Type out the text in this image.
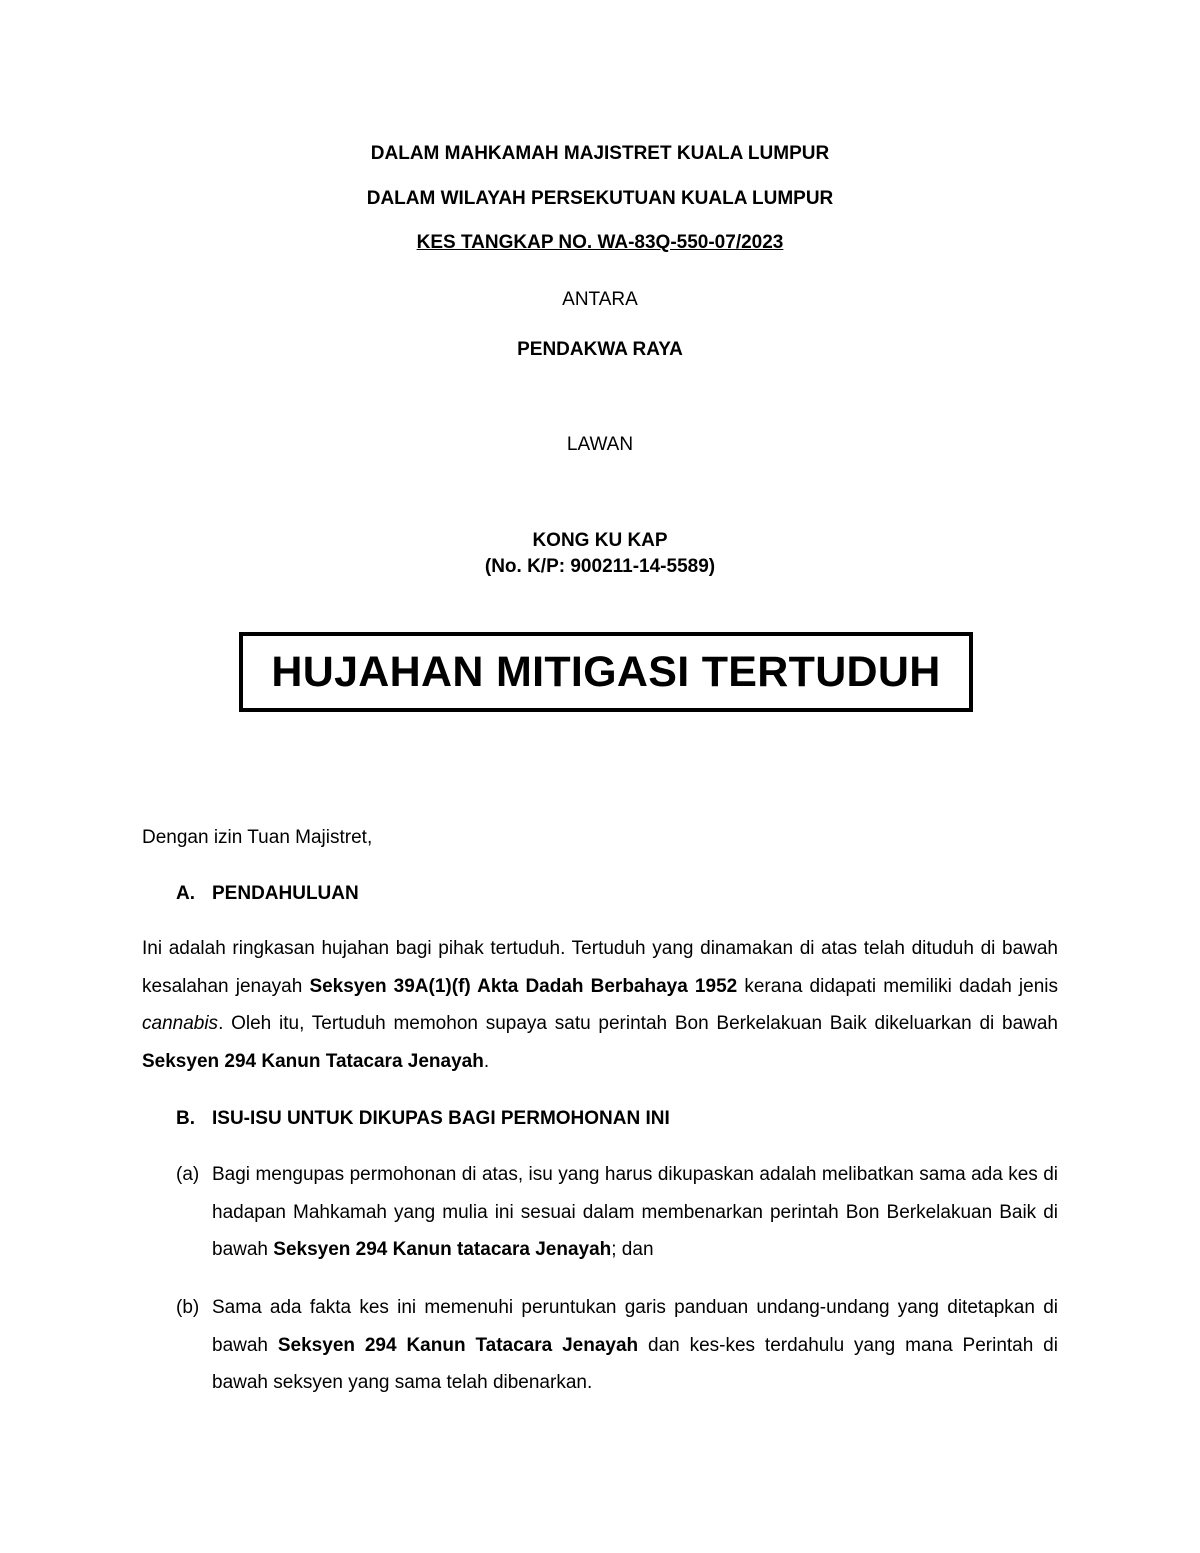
DALAM MAHKAMAH MAJISTRET KUALA LUMPUR
DALAM WILAYAH PERSEKUTUAN KUALA LUMPUR
KES TANGKAP NO. WA-83Q-550-07/2023
ANTARA
PENDAKWA RAYA
LAWAN
KONG KU KAP
(No. K/P: 900211-14-5589)
HUJAHAN MITIGASI TERTUDUH
Dengan izin Tuan Majistret,
A. PENDAHULUAN
Ini adalah ringkasan hujahan bagi pihak tertuduh. Tertuduh yang dinamakan di atas telah dituduh di bawah kesalahan jenayah Seksyen 39A(1)(f) Akta Dadah Berbahaya 1952 kerana didapati memiliki dadah jenis cannabis. Oleh itu, Tertuduh memohon supaya satu perintah Bon Berkelakuan Baik dikeluarkan di bawah Seksyen 294 Kanun Tatacara Jenayah.
B. ISU-ISU UNTUK DIKUPAS BAGI PERMOHONAN INI
(a) Bagi mengupas permohonan di atas, isu yang harus dikupaskan adalah melibatkan sama ada kes di hadapan Mahkamah yang mulia ini sesuai dalam membenarkan perintah Bon Berkelakuan Baik di bawah Seksyen 294 Kanun tatacara Jenayah; dan
(b) Sama ada fakta kes ini memenuhi peruntukan garis panduan undang-undang yang ditetapkan di bawah Seksyen 294 Kanun Tatacara Jenayah dan kes-kes terdahulu yang mana Perintah di bawah seksyen yang sama telah dibenarkan.
